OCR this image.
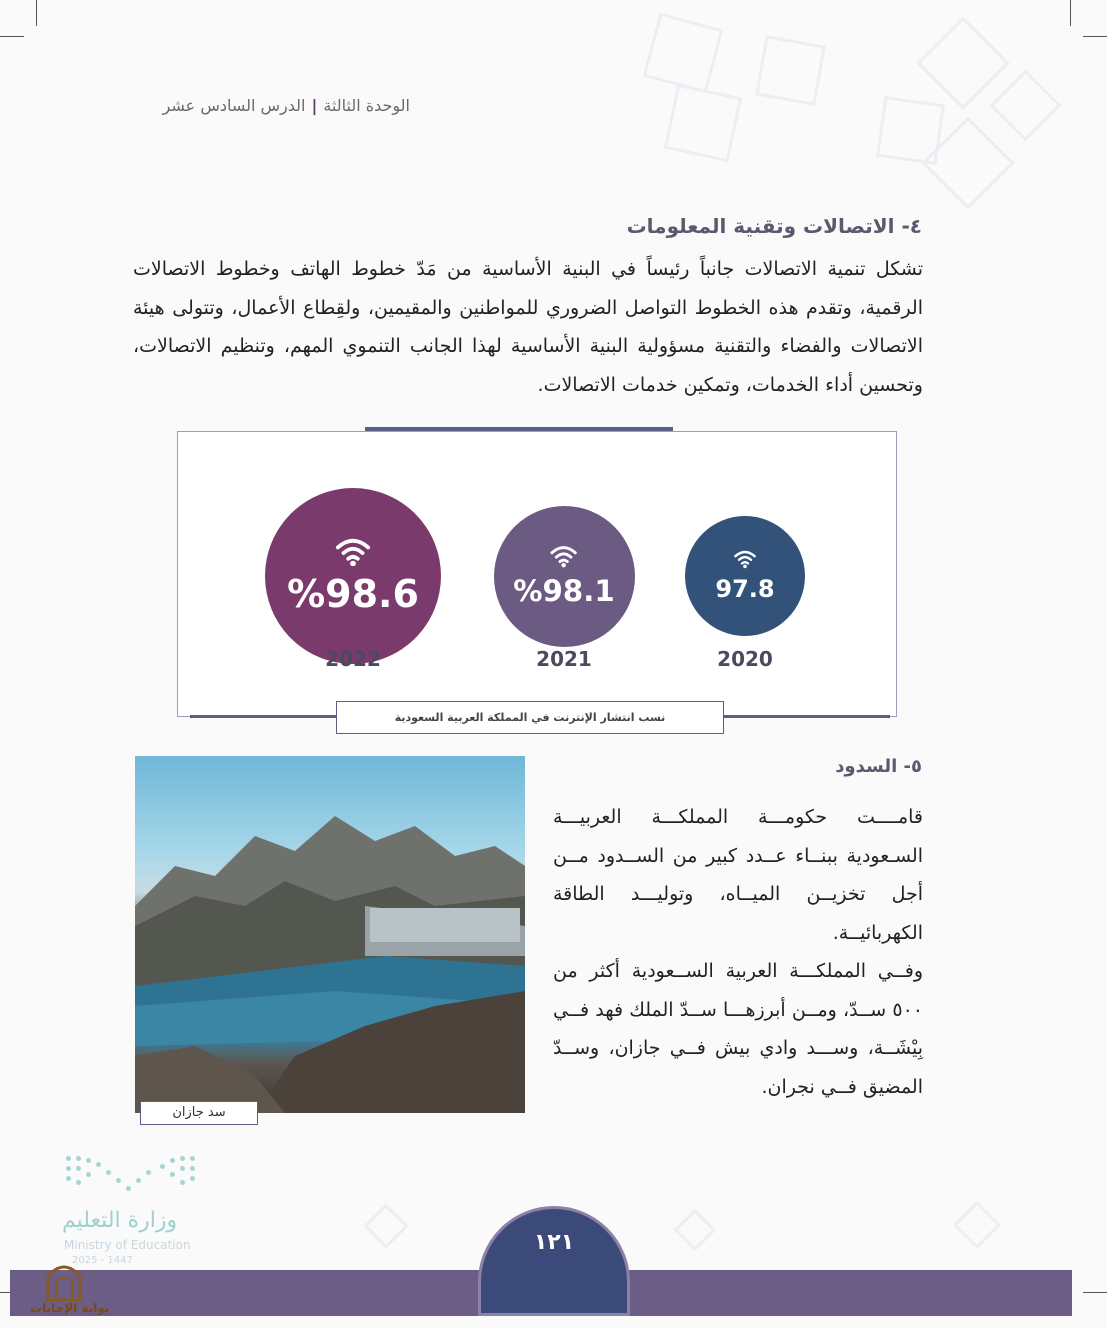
الوحدة الثالثة|الدرس السادس عشر
٤- الاتصالات وتقنية المعلومات
تشكل تنمية الاتصالات جانباً رئيساً في البنية الأساسية من مَدّ خطوط الهاتف وخطوط الاتصالات الرقمية، وتقدم هذه الخطوط التواصل الضروري للمواطنين والمقيمين، ولقِطاع الأعمال، وتتولى هيئة الاتصالات والفضاء والتقنية مسؤولية البنية الأساسية لهذا الجانب التنموي المهم، وتنظيم الاتصالات، وتحسين أداء الخدمات، وتمكين خدمات الاتصالات.
%98.6
2022
%98.1
2021
97.8
2020
نسب انتشار الإنترنت في المملكة العربية السعودية
٥- السدود
قامــــت حكومـــة المملكـــة العربيـــة السـعودية ببنــاء عــدد كبير من الســدود مــن أجل تخزيــن الميــاه، وتوليـــد الطاقة الكهربائيــة.
وفــي المملكـــة العربية الســعودية أكثر من ٥٠٠ ســدّ، ومــن أبرزهـــا ســدّ الملك فهد فــي بِيْشَــة، وســـد وادي بيش فــي جازان، وســدّ المضيق فــي نجران.
سد جازان
وزارة التعليم
Ministry of Education
2025 - 1447
١٢١
بوابة الإجابات
